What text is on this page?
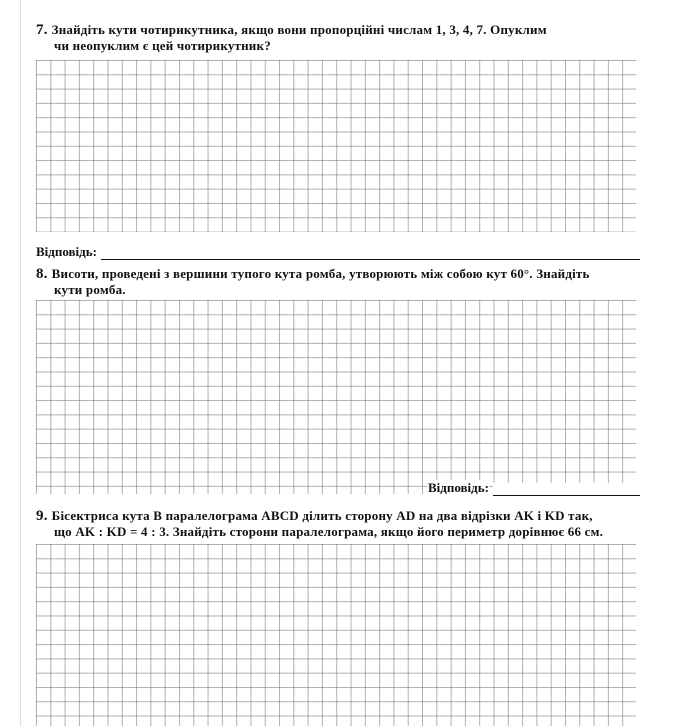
7. Знайдіть кути чотирикутника, якщо вони пропорційні числам 1, 3, 4, 7. Опуклим
чи неопуклим є цей чотирикутник?
Відповідь:
8. Висоти, проведені з вершини тупого кута ромба, утворюють між собою кут 60°. Знайдіть
кути ромба.
Відповідь:
9. Бісектриса кута B паралелограма ABCD ділить сторону AD на два відрізки AK і KD так,
що AK : KD = 4 : 3. Знайдіть сторони паралелограма, якщо його периметр дорівнює 66 см.
